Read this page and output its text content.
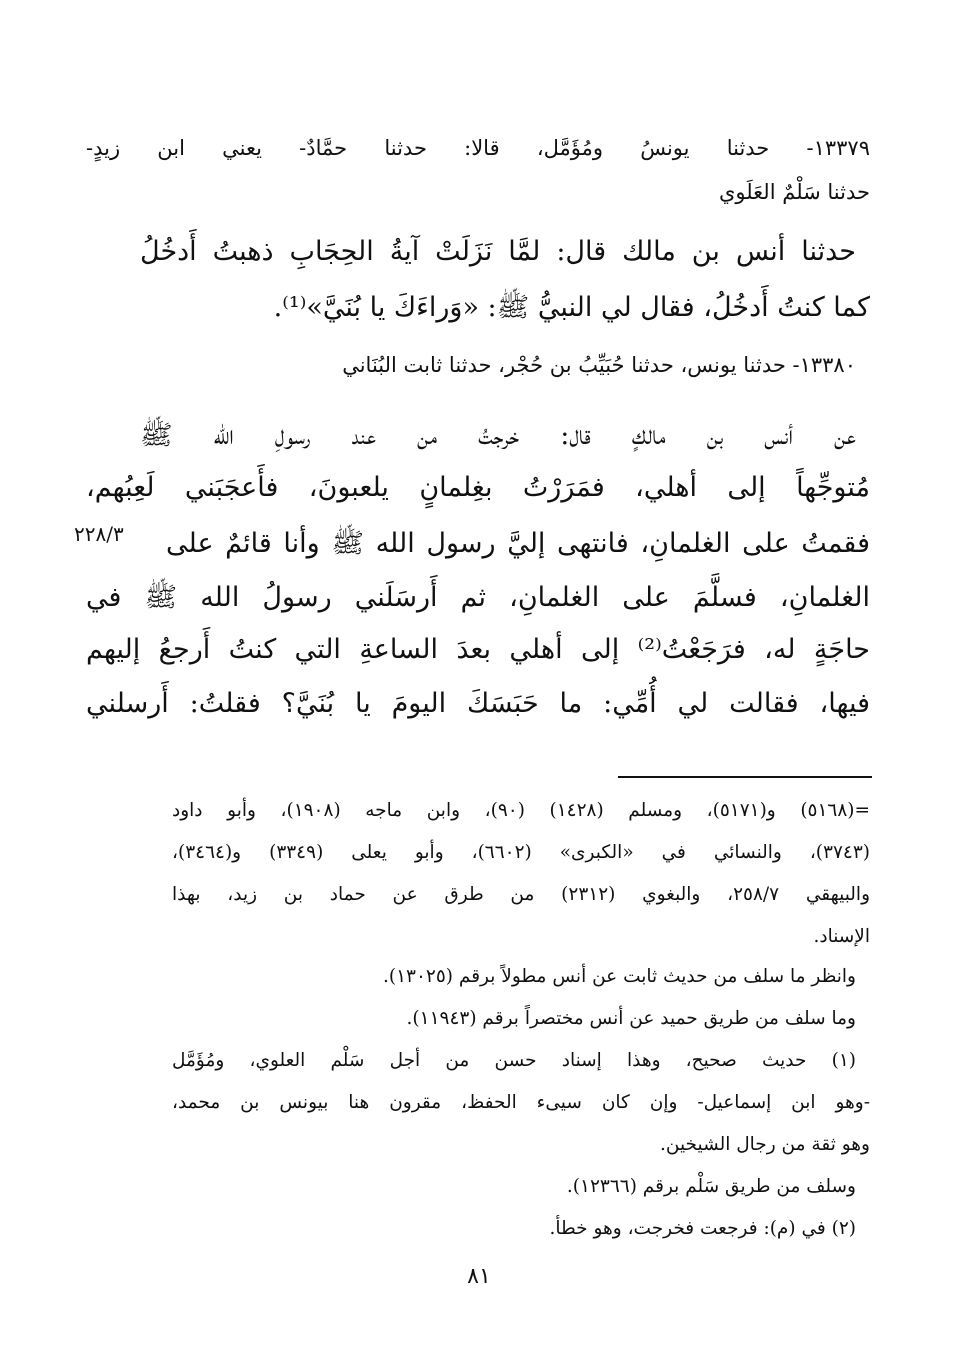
١٣٣٧٩- حدثنا يونسُ ومُؤَمَّل، قالا: حدثنا حمَّادٌ- يعني ابن زيدٍ-
حدثنا سَلْمٌ العَلَوي
حدثنا أنس بن مالك قال: لمَّا نَزَلَتْ آيةُ الحِجَابِ ذهبتُ أَدخُلُ
كما كنتُ أَدخُلُ، فقال لي النبيُّ ﷺ: «وَراءَكَ يا بُنَيَّ»⁽¹⁾.
١٣٣٨٠- حدثنا يونس، حدثنا حُبَيِّبُ بن حُجْر، حدثنا ثابت البُنَاني
عن أنس بن مالكٍ قال: خرجتُ من عند رسولِ الله ﷺ
مُتوجِّهاً إلى أهلي، فمَرَرْتُ بغِلمانٍ يلعبونَ، فأَعجَبَني لَعِبُهم،
فقمتُ على الغلمانِ، فانتهى إليَّ رسول الله ﷺ وأنا قائمٌ على
الغلمانِ، فسلَّمَ على الغلمانِ، ثم أَرسَلَني رسولُ الله ﷺ في
حاجَةٍ له، فرَجَعْتُ⁽²⁾ إلى أهلي بعدَ الساعةِ التي كنتُ أَرجعُ إليهم
فيها، فقالت لي أُمِّي: ما حَبَسَكَ اليومَ يا بُنَيَّ؟ فقلتُ: أَرسلني
٢٢٨/٣
=(٥١٦٨) و(٥١٧١)، ومسلم (١٤٢٨) (٩٠)، وابن ماجه (١٩٠٨)، وأبو داود
(٣٧٤٣)، والنسائي في «الكبرى» (٦٦٠٢)، وأبو يعلى (٣٣٤٩) و(٣٤٦٤)،
والبيهقي ٢٥٨/٧، والبغوي (٢٣١٢) من طرق عن حماد بن زيد، بهذا
الإسناد.
وانظر ما سلف من حديث ثابت عن أنس مطولاً برقم (١٣٠٢٥).
وما سلف من طريق حميد عن أنس مختصراً برقم (١١٩٤٣).
(١) حديث صحيح، وهذا إسناد حسن من أجل سَلْم العلوي، ومُؤَمَّل
-وهو ابن إسماعيل- وإن كان سيىء الحفظ، مقرون هنا بيونس بن محمد،
وهو ثقة من رجال الشيخين.
وسلف من طريق سَلْم برقم (١٢٣٦٦).
(٢) في (م): فرجعت فخرجت، وهو خطأ.
٨١
